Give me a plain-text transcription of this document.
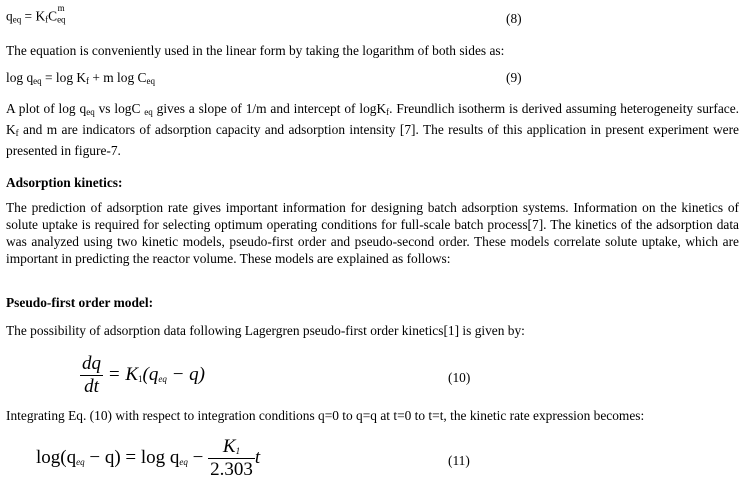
$q_{eq} = K_fC_{eq}^m$
(8)
The equation is conveniently used in the linear form by taking the logarithm of both sides as:
$\log q_{eq} = \log K_f + m$ $\log C_{eq}$	(9)
A plot of $\log q_{eq}$ vs logC $_{eq}$ gives a slope of 1/m and intercept of logK$_f$. Freundlich isotherm is derived assuming heterogeneity surface. $K_f$ and m are indicators of adsorption capacity and adsorption intensity [7]. The results of this application in present experiment were presented in figure-7.
Adsorption kinetics:
The prediction of adsorption rate gives important information for designing batch adsorption systems. Information on the kinetics of solute uptake is required for selecting optimum operating conditions for full-scale batch process[7]. The kinetics of the adsorption data was analyzed using two kinetic models, pseudo-first order and pseudo-second order. These models correlate solute uptake, which are important in predicting the reactor volume. These models are explained as follows:
Pseudo-first order model:
The possibility of adsorption data following Lagergren pseudo-first order kinetics[1] is given by:
$\frac{dq}{dt} = K_1(q_{eq} - q)$	(10)
Integrating Eq. (10) with respect to integration conditions q=0 to q=q at t=0 to t=t, the kinetic rate expression becomes:
$\log(q_{eq} - q) = \log q_{eq} - \frac{K_1}{2.303}$ t	(11)
